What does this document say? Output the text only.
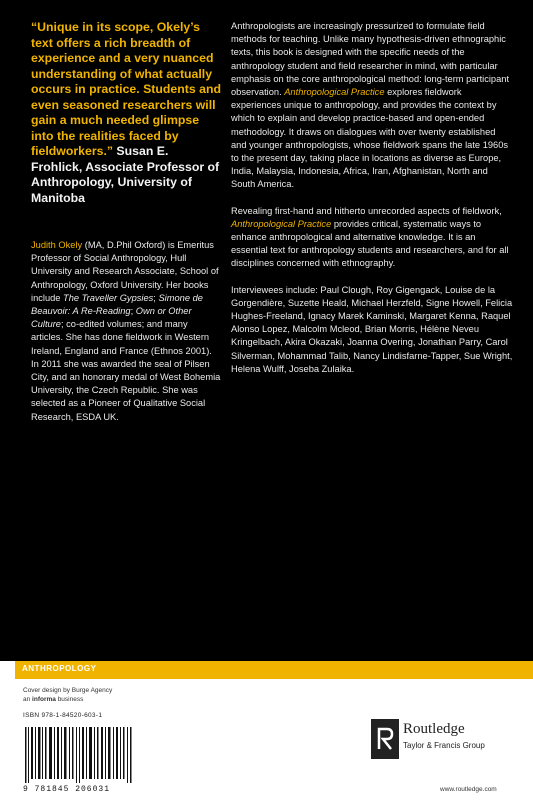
“Unique in its scope, Okely’s text offers a rich breadth of experience and a very nuanced understanding of what actually occurs in practice. Students and even seasoned researchers will gain a much needed glimpse into the realities faced by fieldworkers.” Susan E. Frohlick, Associate Professor of Anthropology, University of Manitoba

Judith Okely (MA, D.Phil Oxford) is Emeritus Professor of Social Anthropology, Hull University and Research Associate, School of Anthropology, Oxford University. Her books include The Traveller Gypsies; Simone de Beauvoir: A Re-Reading; Own or Other Culture; co-edited volumes; and many articles. She has done fieldwork in Western Ireland, England and France (Ethnos 2001). In 2011 she was awarded the seal of Pilsen City, and an honorary medal of West Bohemia University, the Czech Republic. She was selected as a Pioneer of Qualitative Social Research, ESDA UK.

Anthropologists are increasingly pressurized to formulate field methods for teaching. Unlike many hypothesis-driven ethnographic texts, this book is designed with the specific needs of the anthropology student and field researcher in mind, with particular emphasis on the core anthropological method: long-term participant observation. Anthropological Practice explores fieldwork experiences unique to anthropology, and provides the context by which to explain and develop practice-based and open-ended methodology. It draws on dialogues with over twenty established and younger anthropologists, whose fieldwork spans the late 1960s to the present day, taking place in locations as diverse as Europe, India, Malaysia, Indonesia, Africa, Iran, Afghanistan, North and South America.

Revealing first-hand and hitherto unrecorded aspects of fieldwork, Anthropological Practice provides critical, systematic ways to enhance anthropological and alternative knowledge. It is an essential text for anthropology students and researchers, and for all disciplines concerned with ethnography.

Interviewees include: Paul Clough, Roy Gigengack, Louise de la Gorgendière, Suzette Heald, Michael Herzfeld, Signe Howell, Felicia Hughes-Freeland, Ignacy Marek Kaminski, Margaret Kenna, Raquel Alonso Lopez, Malcolm Mcleod, Brian Morris, Hélène Neveu Kringelbach, Akira Okazaki, Joanna Overing, Jonathan Parry, Carol Silverman, Mohammad Talib, Nancy Lindisfarne-Tapper, Sue Wright, Helena Wulff, Joseba Zulaika.

ANTHROPOLOGY
Cover design by Burge Agency
an informa business
ISBN 978-1-84520-603-1
9 781845 206031
Routledge
Taylor & Francis Group
www.routledge.com
